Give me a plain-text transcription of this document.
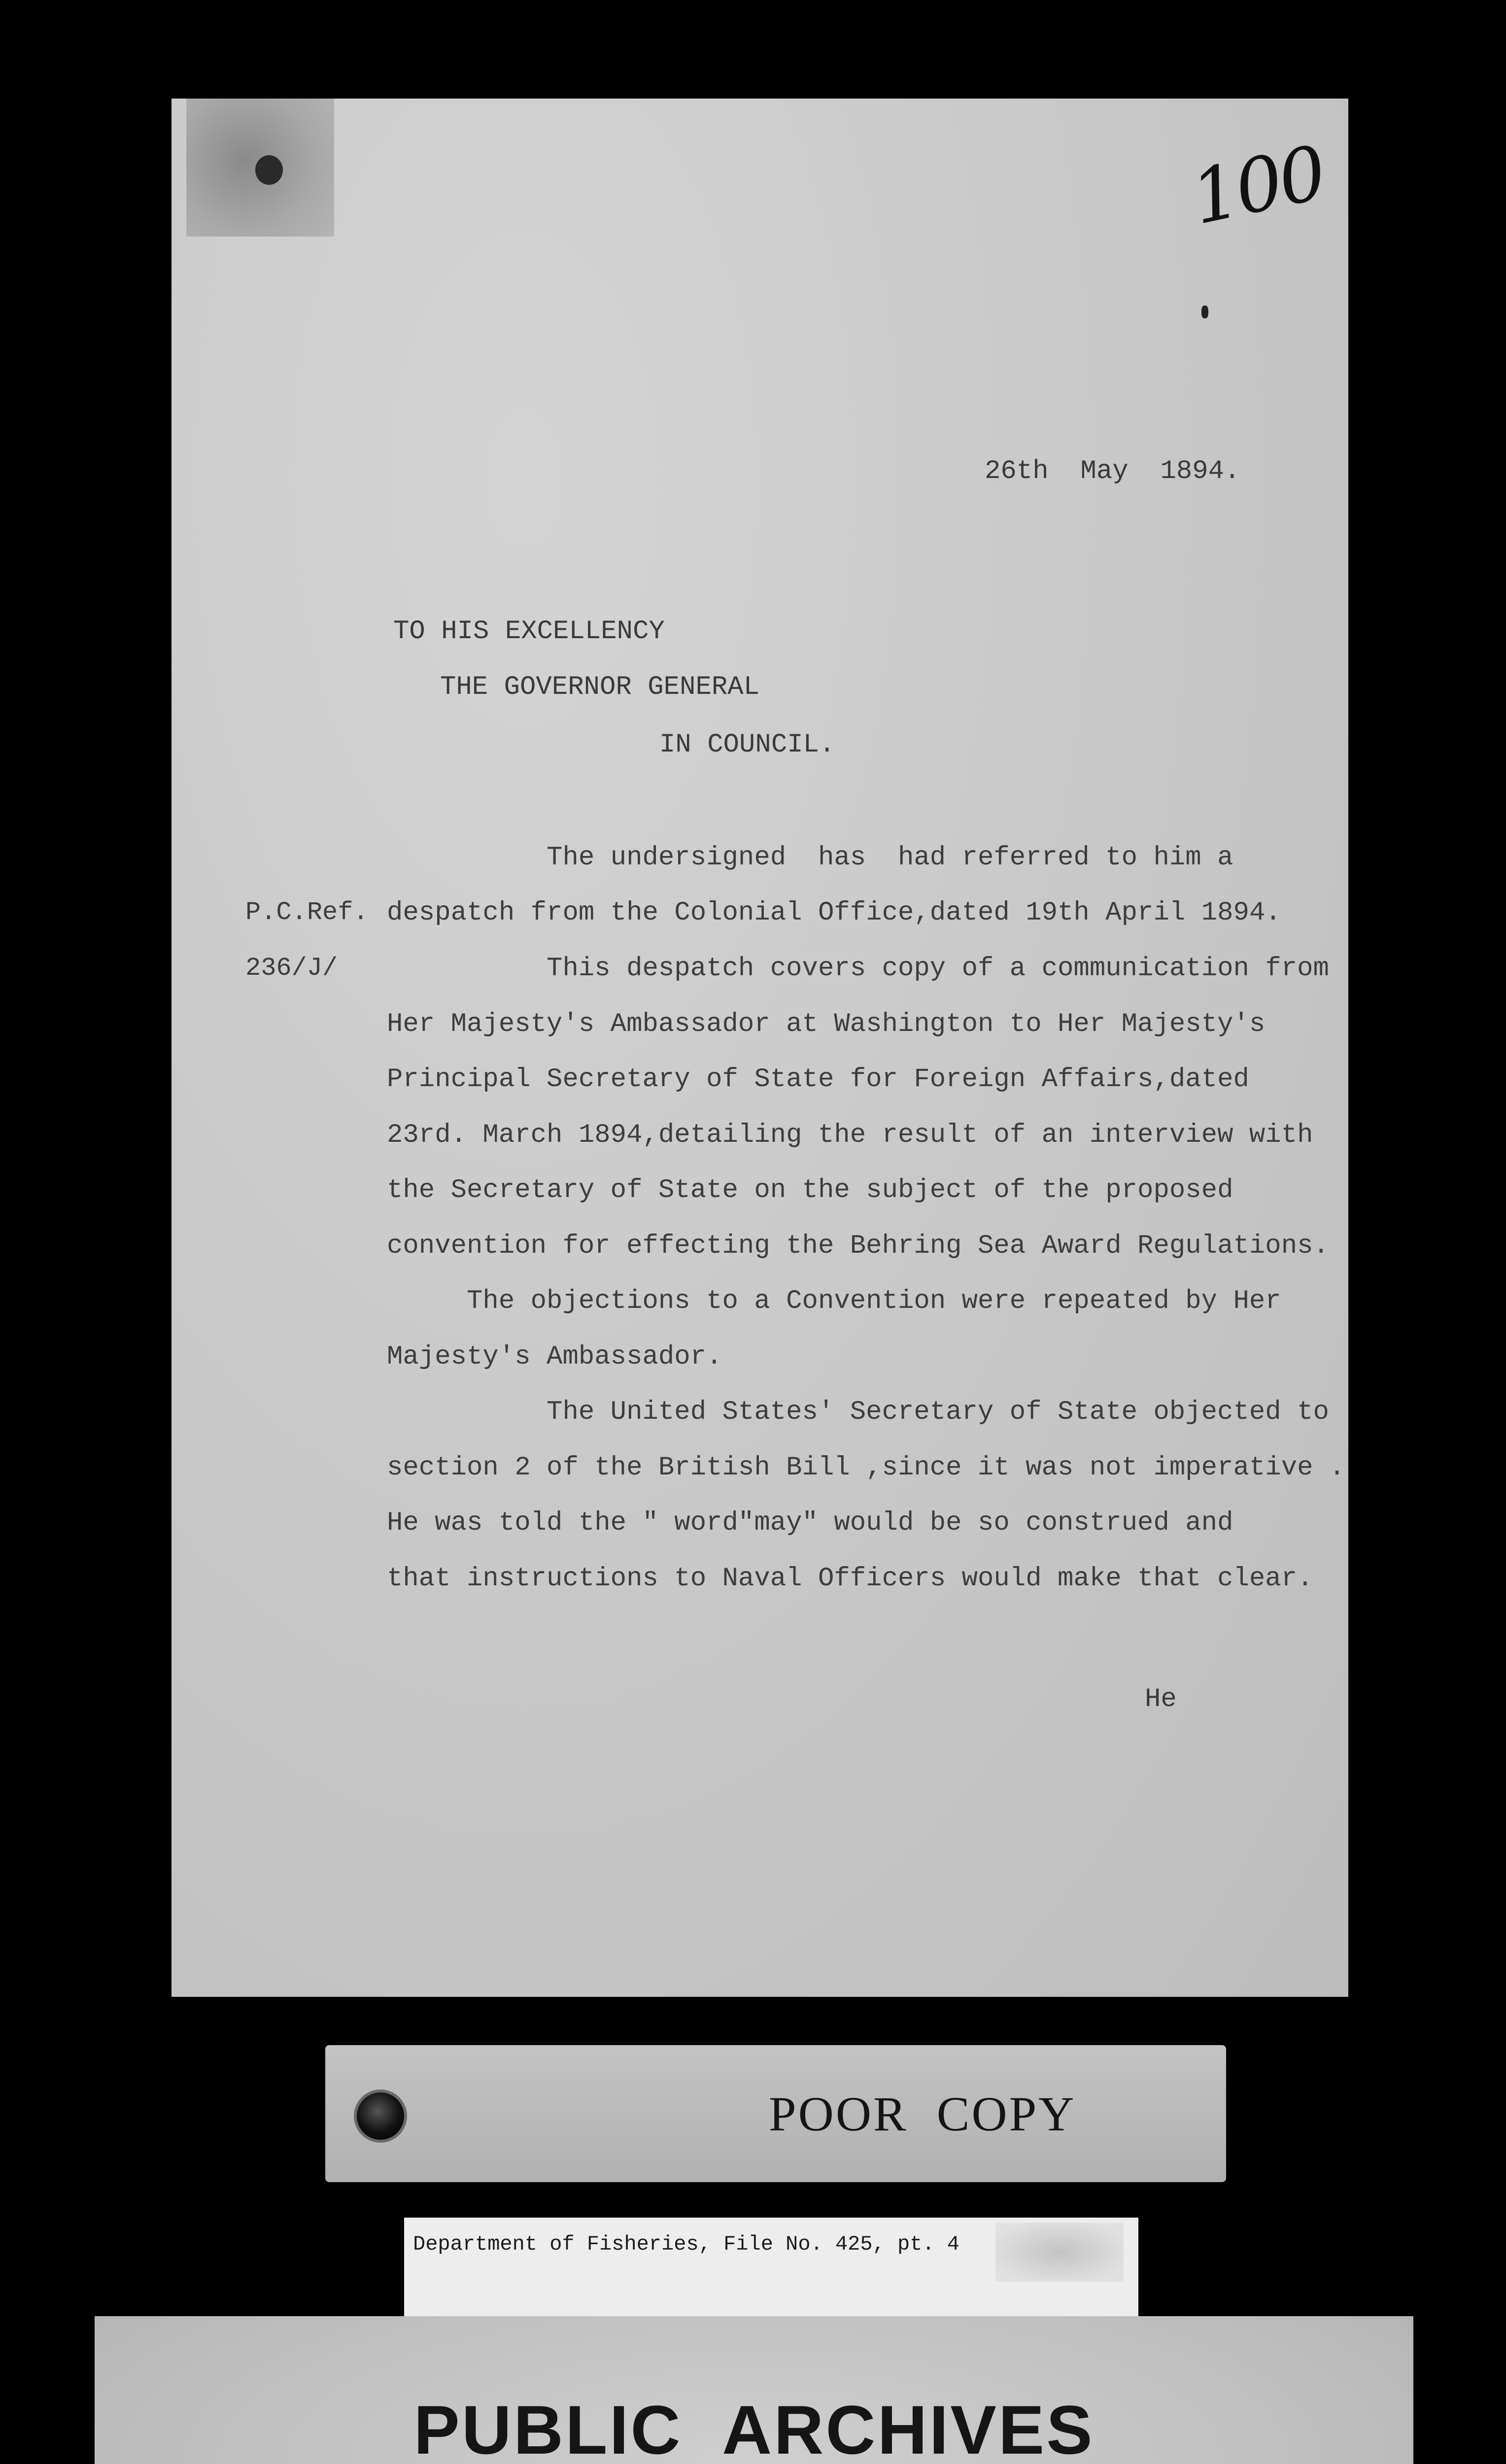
100
26th  May  1894.
TO HIS EXCELLENCY
THE GOVERNOR GENERAL
IN COUNCIL.
P.C.Ref.
236/J/
The undersigned  has  had referred to him a
despatch from the Colonial Office,dated 19th April 1894.
This despatch covers copy of a communication from
Her Majesty's Ambassador at Washington to Her Majesty's
Principal Secretary of State for Foreign Affairs,dated
23rd. March 1894,detailing the result of an interview with
the Secretary of State on the subject of the proposed
convention for effecting the Behring Sea Award Regulations.
The objections to a Convention were repeated by Her
Majesty's Ambassador.
The United States' Secretary of State objected to
section 2 of the British Bill ,since it was not imperative .
He was told the " word"may" would be so construed and
that instructions to Naval Officers would make that clear.
He
POOR  COPY
Department of Fisheries, File No. 425, pt. 4
PUBLIC  ARCHIVES
